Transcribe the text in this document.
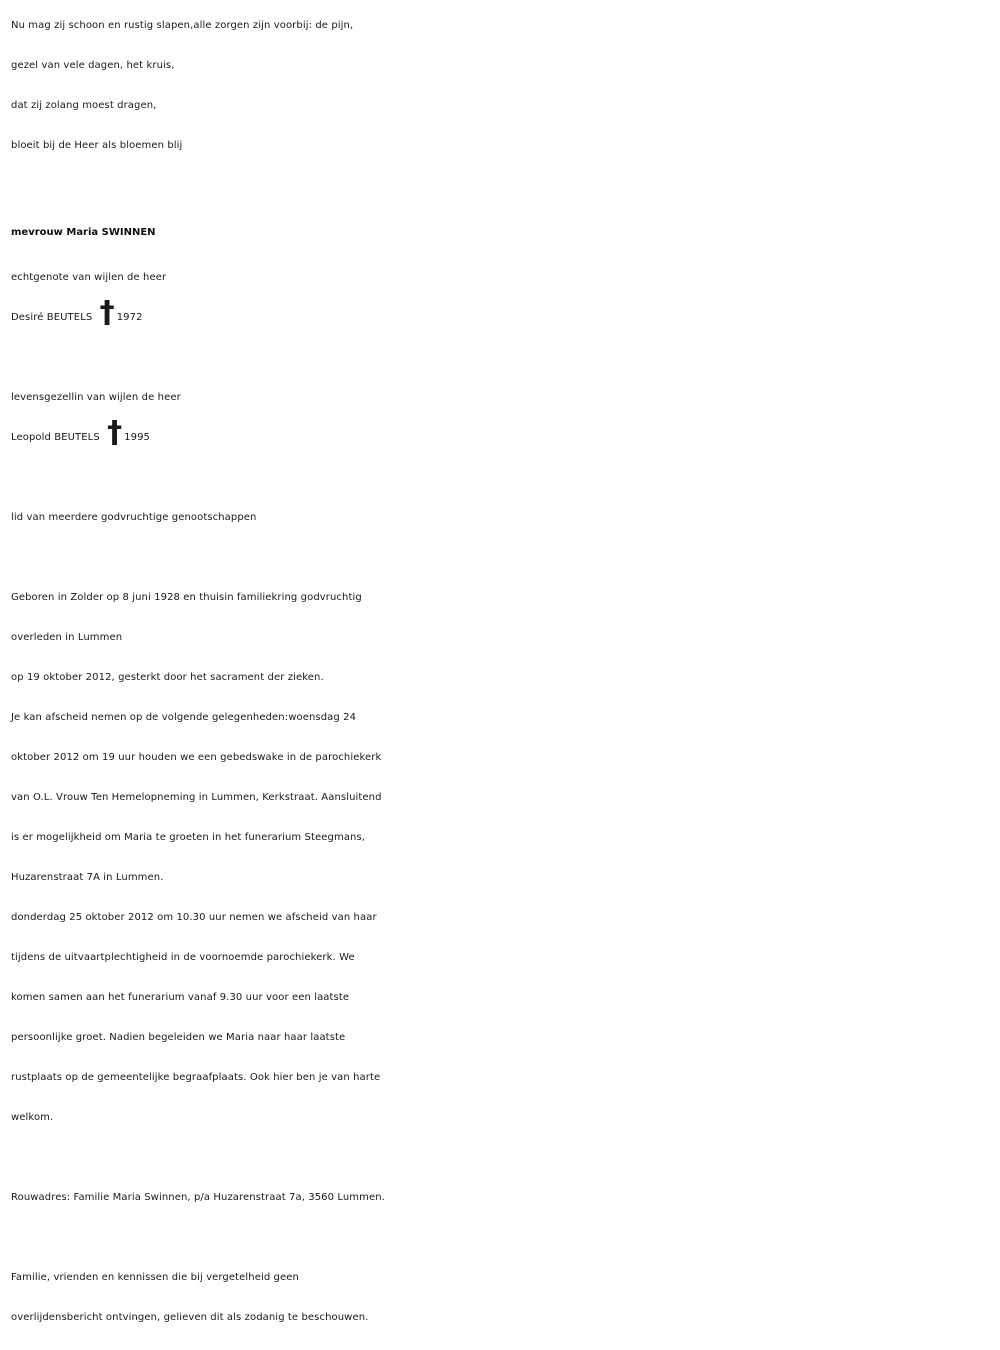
Nu mag zij schoon en rustig slapen,alle zorgen zijn voorbij: de pijn,
gezel van vele dagen, het kruis,
dat zij zolang moest dragen,
bloeit bij de Heer als bloemen blij
mevrouw Maria SWINNEN
echtgenote van wijlen de heer
Desiré BEUTELS † 1972
levensgezellin van wijlen de heer
Leopold BEUTELS † 1995
lid van meerdere godvruchtige genootschappen
Geboren in Zolder op 8 juni 1928 en thuisin familiekring godvruchtig
overleden in Lummen
op 19 oktober 2012, gesterkt door het sacrament der zieken.
Je kan afscheid nemen op de volgende gelegenheden:woensdag 24
oktober 2012 om 19 uur houden we een gebedswake in de parochiekerk
van O.L. Vrouw Ten Hemelopneming in Lummen, Kerkstraat. Aansluitend
is er mogelijkheid om Maria te groeten in het funerarium Steegmans,
Huzarenstraat 7A in Lummen.
donderdag 25 oktober 2012 om 10.30 uur nemen we afscheid van haar
tijdens de uitvaartplechtigheid in de voornoemde parochiekerk. We
komen samen aan het funerarium vanaf 9.30 uur voor een laatste
persoonlijke groet. Nadien begeleiden we Maria naar haar laatste
rustplaats op de gemeentelijke begraafplaats. Ook hier ben je van harte
welkom.
Rouwadres: Familie Maria Swinnen, p/a Huzarenstraat 7a, 3560 Lummen.
Familie, vrienden en kennissen die bij vergetelheid geen
overlijdensbericht ontvingen, gelieven dit als zodanig te beschouwen.
